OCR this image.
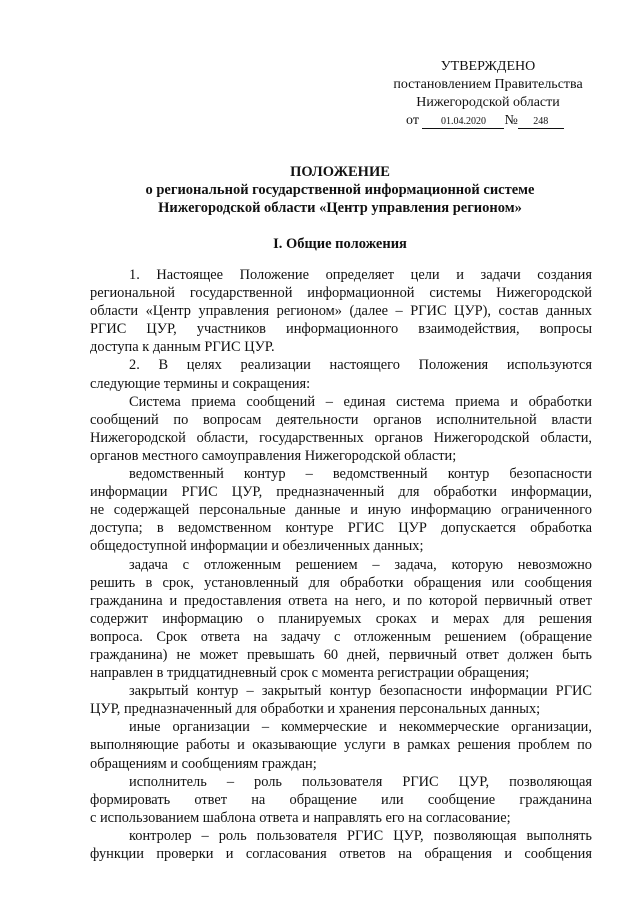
УТВЕРЖДЕНО
постановлением Правительства
Нижегородской области
от 01.04.2020 № 248
ПОЛОЖЕНИЕ
о региональной государственной информационной системе
Нижегородской области «Центр управления регионом»
I. Общие положения
1. Настоящее Положение определяет цели и задачи создания
региональной государственной информационной системы Нижегородской
области «Центр управления регионом» (далее – РГИС ЦУР), состав данных
РГИС ЦУР, участников информационного взаимодействия, вопросы
доступа к данным РГИС ЦУР.
2. В целях реализации настоящего Положения используются
следующие термины и сокращения:
Система приема сообщений – единая система приема и обработки
сообщений по вопросам деятельности органов исполнительной власти
Нижегородской области, государственных органов Нижегородской области,
органов местного самоуправления Нижегородской области;
ведомственный контур – ведомственный контур безопасности
информации РГИС ЦУР, предназначенный для обработки информации,
не содержащей персональные данные и иную информацию ограниченного
доступа; в ведомственном контуре РГИС ЦУР допускается обработка
общедоступной информации и обезличенных данных;
задача с отложенным решением – задача, которую невозможно
решить в срок, установленный для обработки обращения или сообщения
гражданина и предоставления ответа на него, и по которой первичный ответ
содержит информацию о планируемых сроках и мерах для решения
вопроса. Срок ответа на задачу с отложенным решением (обращение
гражданина) не может превышать 60 дней, первичный ответ должен быть
направлен в тридцатидневный срок с момента регистрации обращения;
закрытый контур – закрытый контур безопасности информации РГИС
ЦУР, предназначенный для обработки и хранения персональных данных;
иные организации – коммерческие и некоммерческие организации,
выполняющие работы и оказывающие услуги в рамках решения проблем по
обращениям и сообщениям граждан;
исполнитель – роль пользователя РГИС ЦУР, позволяющая
формировать ответ на обращение или сообщение гражданина
с использованием шаблона ответа и направлять его на согласование;
контролер – роль пользователя РГИС ЦУР, позволяющая выполнять
функции проверки и согласования ответов на обращения и сообщения
